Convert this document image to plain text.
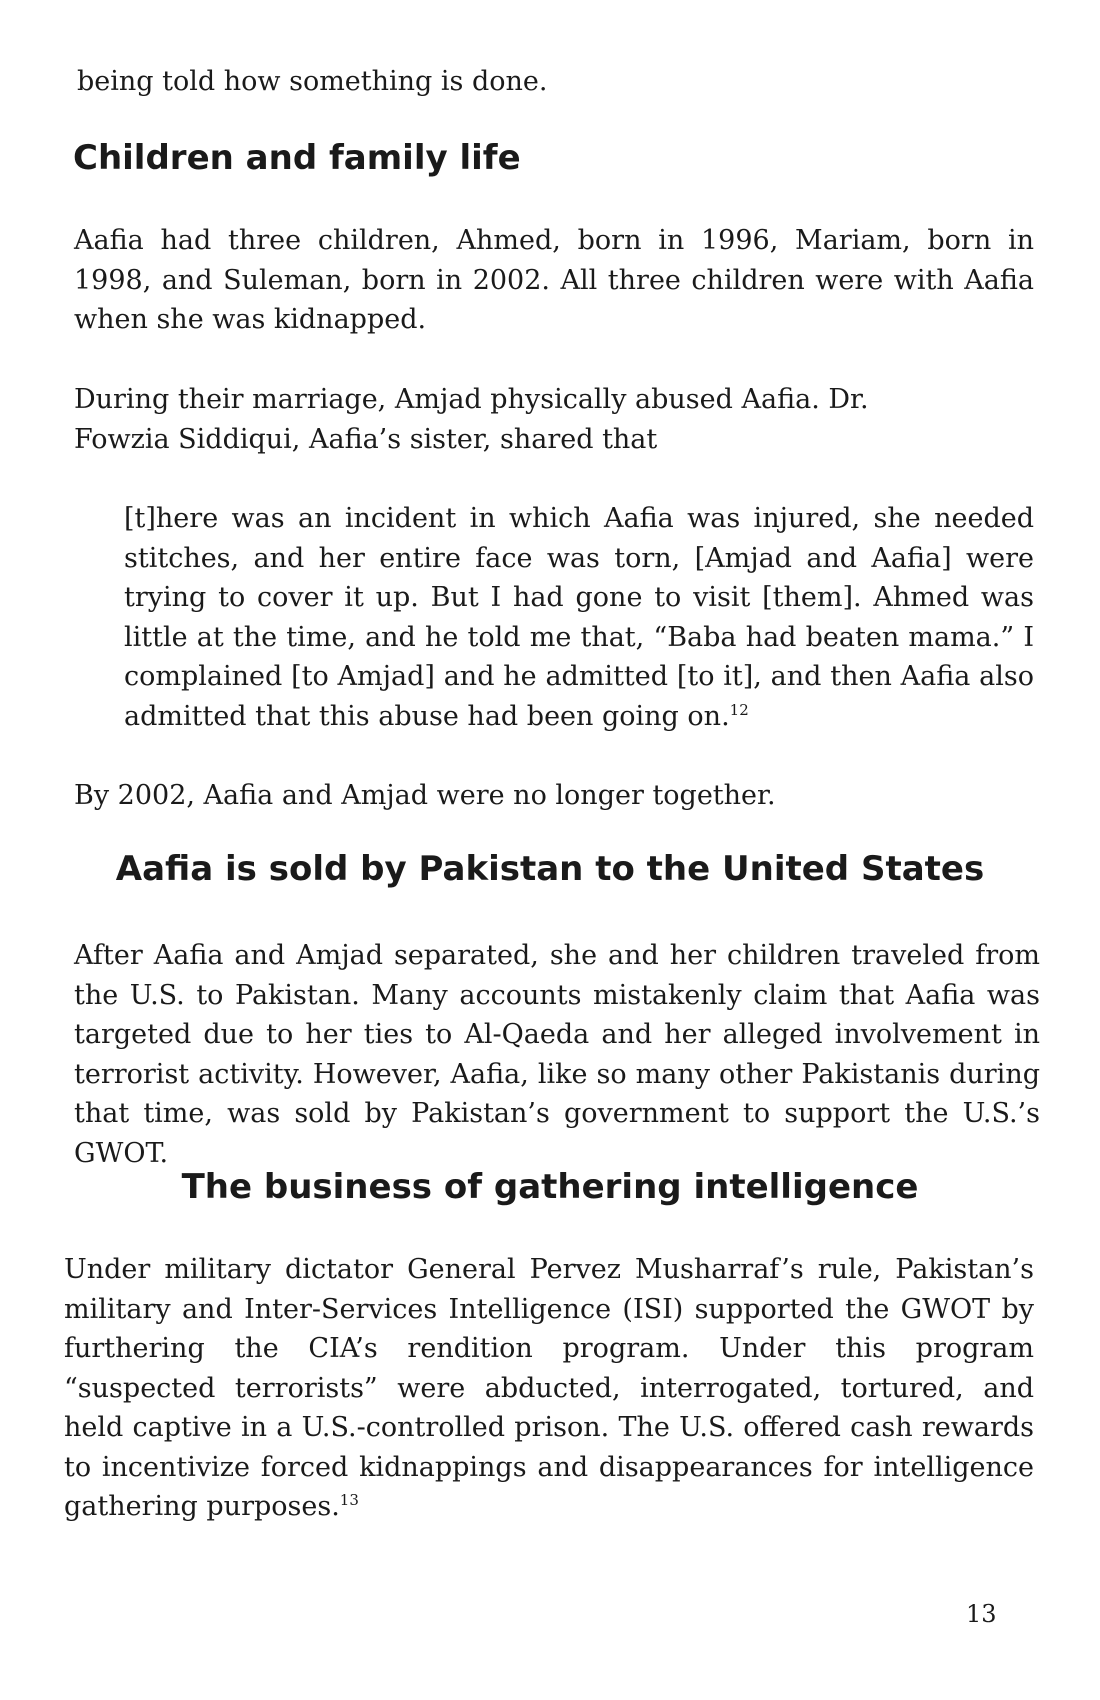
being told how something is done.

Children and family life

Aafia had three children, Ahmed, born in 1996, Mariam, born in 1998, and Suleman, born in 2002. All three children were with Aafia when she was kidnapped.

During their marriage, Amjad physically abused Aafia. Dr. Fowzia Siddiqui, Aafia’s sister, shared that

[t]here was an incident in which Aafia was injured, she needed stitches, and her entire face was torn, [Amjad and Aafia] were trying to cover it up. But I had gone to visit [them]. Ahmed was little at the time, and he told me that, “Baba had beaten mama.” I complained [to Amjad] and he admitted [to it], and then Aafia also admitted that this abuse had been going on.$^{12}$

By 2002, Aafia and Amjad were no longer together.

Aafia is sold by Pakistan to the United States

After Aafia and Amjad separated, she and her children traveled from the U.S. to Pakistan. Many accounts mistakenly claim that Aafia was targeted due to her ties to Al-Qaeda and her alleged involvement in terrorist activity. However, Aafia, like so many other Pakistanis during that time, was sold by Pakistan’s government to support the U.S.’s GWOT.

The business of gathering intelligence

Under military dictator General Pervez Musharraf’s rule, Pakistan’s military and Inter-Services Intelligence (ISI) supported the GWOT by furthering the CIA’s rendition program. Under this program “suspected terrorists” were abducted, interrogated, tortured, and held captive in a U.S.-controlled prison. The U.S. offered cash rewards to incentivize forced kidnappings and disappearances for intelligence gathering purposes.$^{13}$

13
